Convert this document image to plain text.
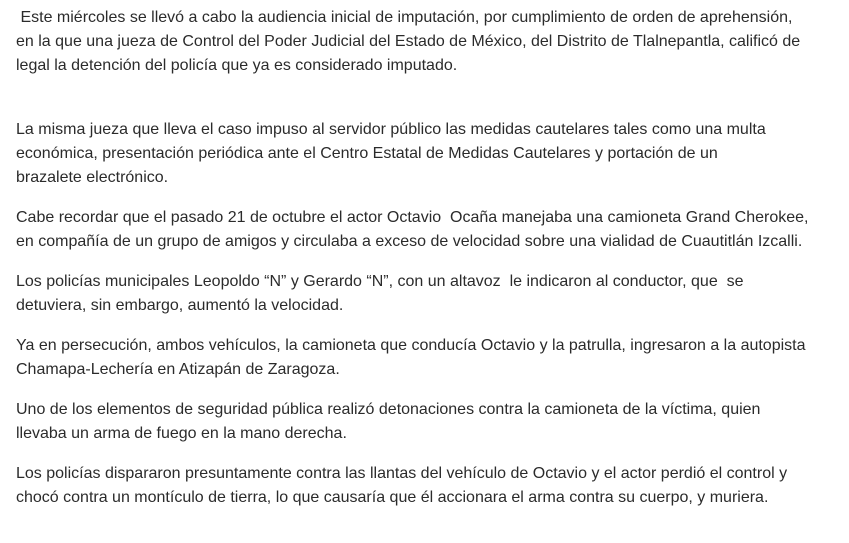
Este miércoles se llevó a cabo la audiencia inicial de imputación, por cumplimiento de orden de aprehensión,
en la que una jueza de Control del Poder Judicial del Estado de México, del Distrito de Tlalnepantla, calificó de
legal la detención del policía que ya es considerado imputado.

La misma jueza que lleva el caso impuso al servidor público las medidas cautelares tales como una multa
económica, presentación periódica ante el Centro Estatal de Medidas Cautelares y portación de un
brazalete electrónico.

Cabe recordar que el pasado 21 de octubre el actor Octavio  Ocaña manejaba una camioneta Grand Cherokee,
en compañía de un grupo de amigos y circulaba a exceso de velocidad sobre una vialidad de Cuautitlán Izcalli.

Los policías municipales Leopoldo “N” y Gerardo “N”, con un altavoz  le indicaron al conductor, que  se
detuviera, sin embargo, aumentó la velocidad.

Ya en persecución, ambos vehículos, la camioneta que conducía Octavio y la patrulla, ingresaron a la autopista
Chamapa-Lechería en Atizapán de Zaragoza.

Uno de los elementos de seguridad pública realizó detonaciones contra la camioneta de la víctima, quien
llevaba un arma de fuego en la mano derecha.

Los policías dispararon presuntamente contra las llantas del vehículo de Octavio y el actor perdió el control y
chocó contra un montículo de tierra, lo que causaría que él accionara el arma contra su cuerpo, y muriera.
